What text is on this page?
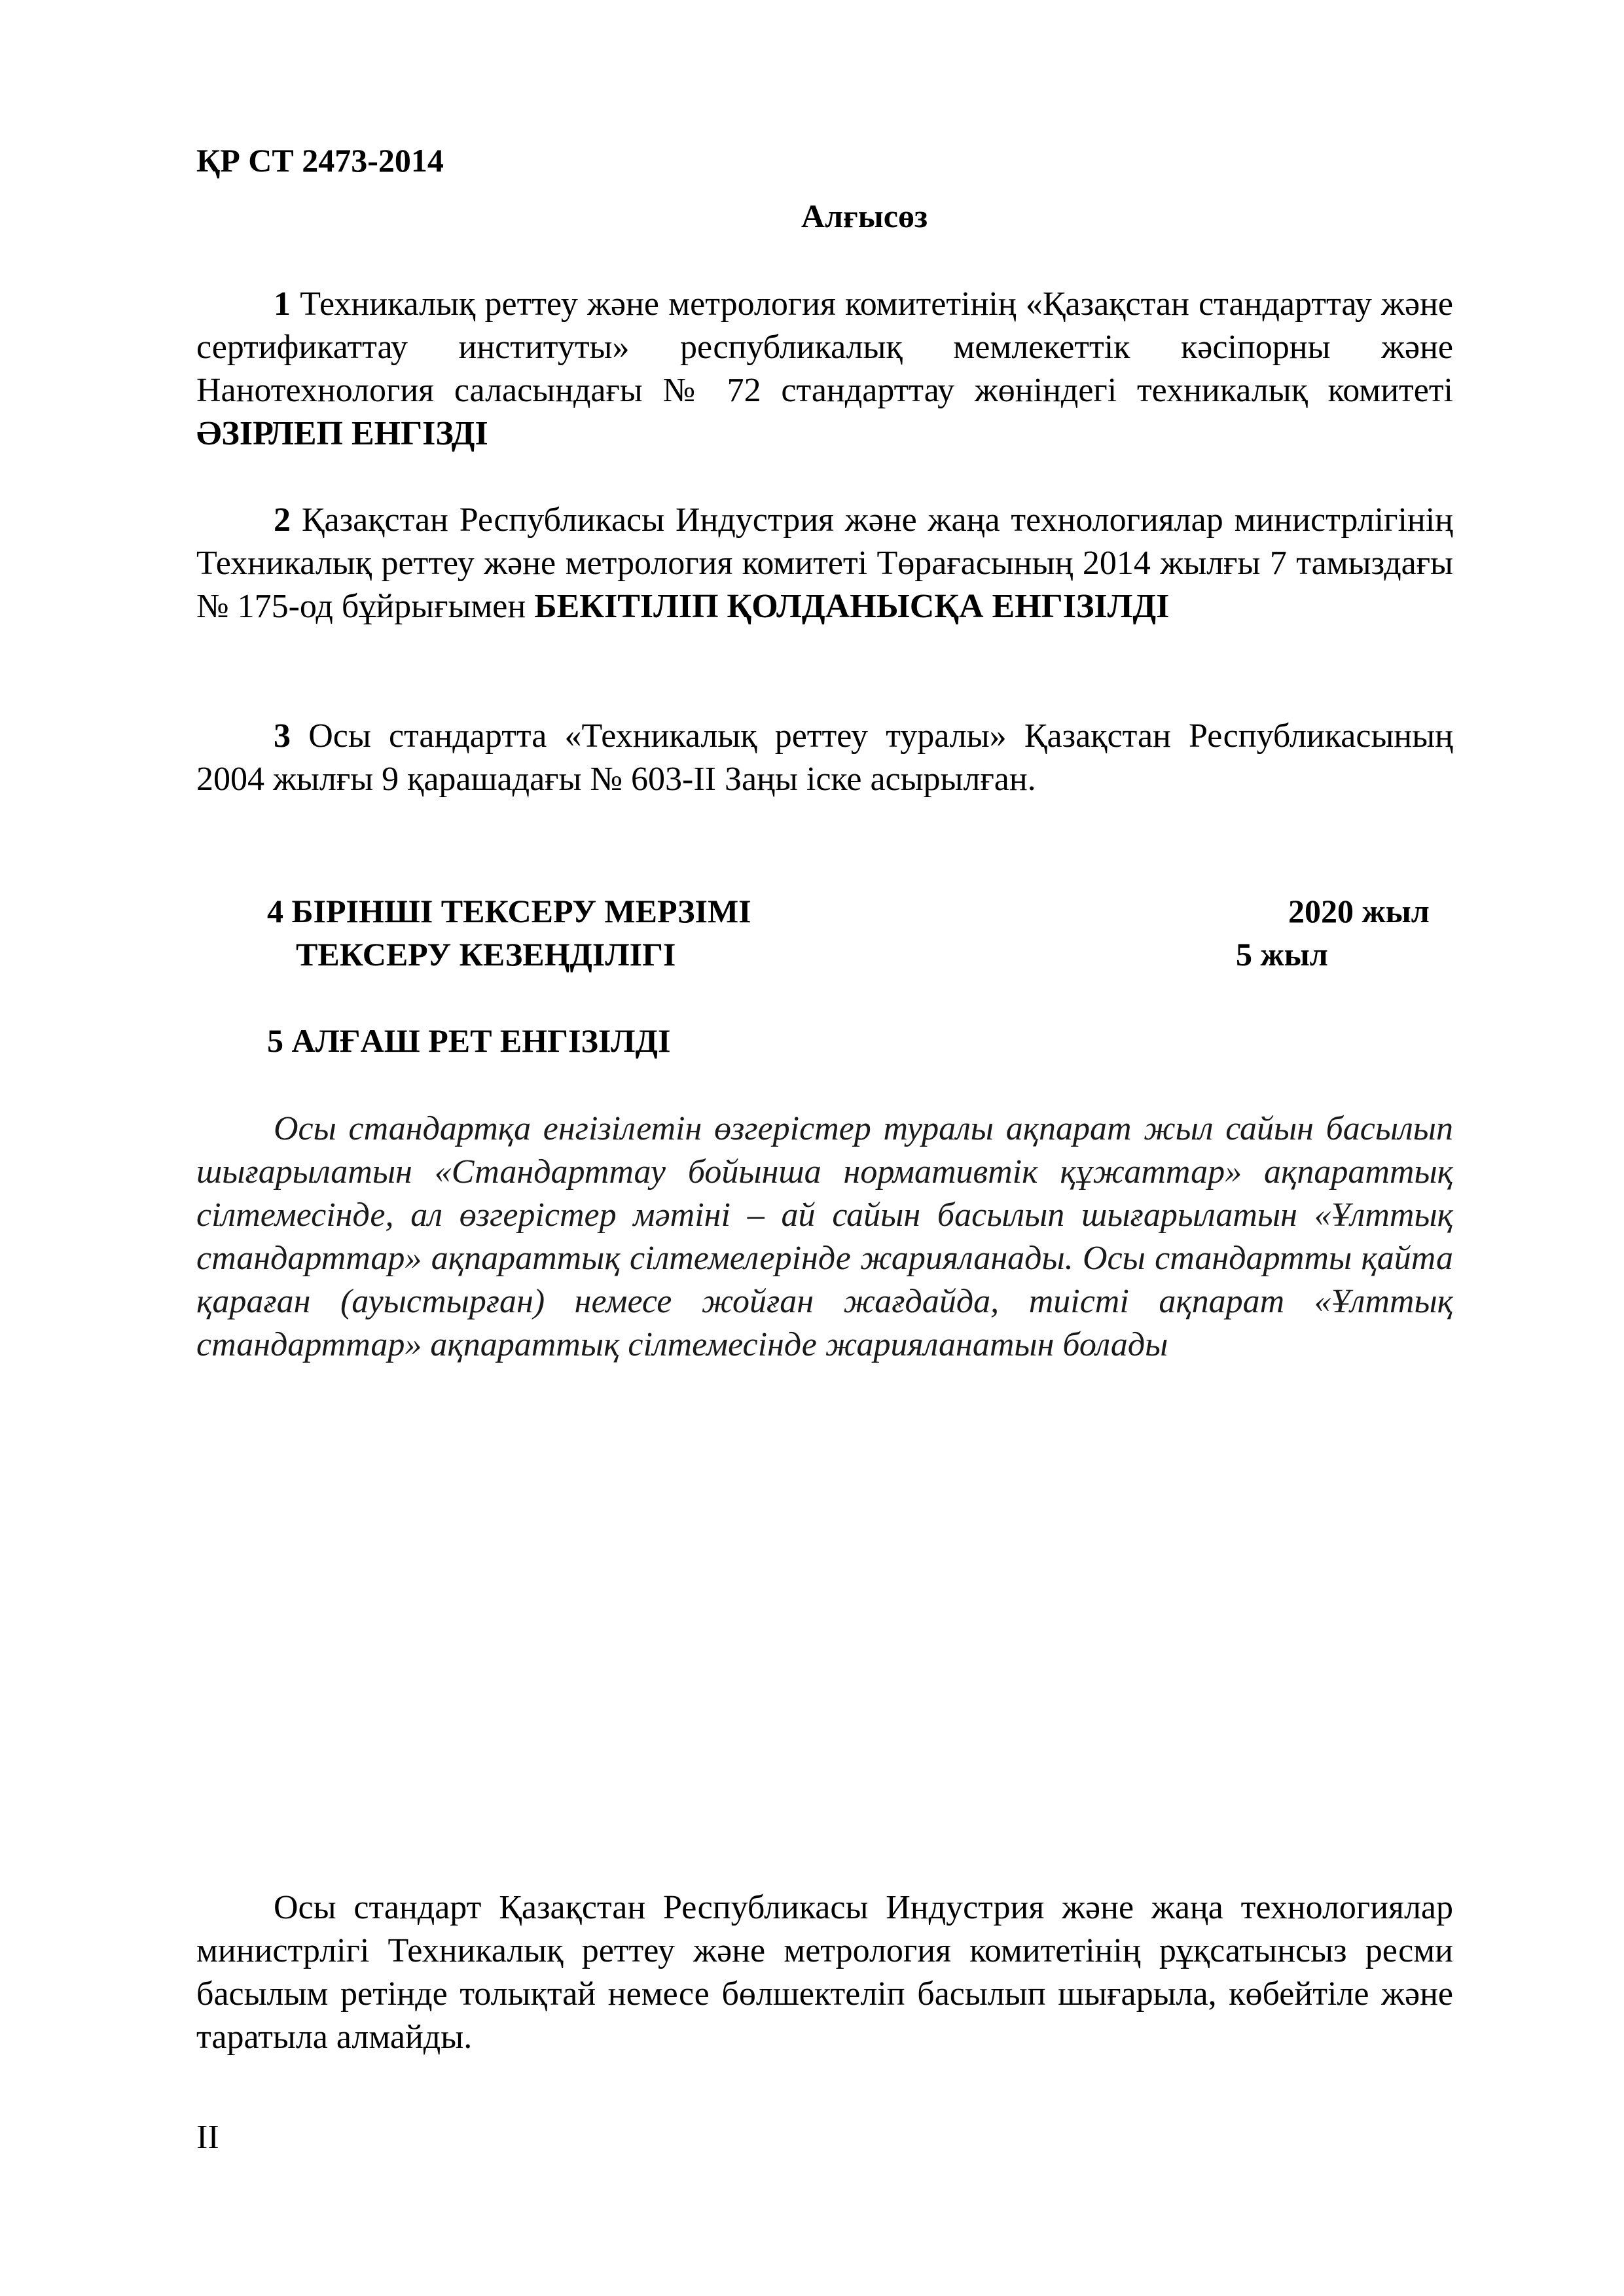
ҚР СТ 2473-2014
Алғысөз

1 Техникалық реттеу және метрология комитетінің «Қазақстан стандарттау және сертификаттау институты» республикалық мемлекеттік кәсіпорны және Нанотехнология саласындағы № 72 стандарттау жөніндегі техникалық комитеті ӘЗІРЛЕП ЕНГІЗДІ

2 Қазақстан Республикасы Индустрия және жаңа технологиялар министрлігінің Техникалық реттеу және метрология комитеті Төрағасының 2014 жылғы 7 тамыздағы № 175-од бұйрығымен БЕКІТІЛІП ҚОЛДАНЫСҚА ЕНГІЗІЛДІ

3 Осы стандартта «Техникалық реттеу туралы» Қазақстан Республикасының 2004 жылғы 9 қарашадағы № 603-ІІ Заңы іске асырылған.

4 БІРІНШІ ТЕКСЕРУ МЕРЗІМІ	2020 жыл
ТЕКСЕРУ КЕЗЕҢДІЛІГІ	5 жыл
5 АЛҒАШ РЕТ ЕНГІЗІЛДІ

Осы стандартқа енгізілетін өзгерістер туралы ақпарат жыл сайын басылып шығарылатын «Стандарттау бойынша нормативтік құжаттар» ақпараттық сілтемесінде, ал өзгерістер мәтіні – ай сайын басылып шығарылатын «Ұлттық стандарттар» ақпараттық сілтемелерінде жарияланады. Осы стандартты қайта қараған (ауыстырған) немесе жойған жағдайда, тиісті ақпарат «Ұлттық стандарттар» ақпараттық сілтемесінде жарияланатын болады

Осы стандарт Қазақстан Республикасы Индустрия және жаңа технологиялар министрлігі Техникалық реттеу және метрология комитетінің рұқсатынсыз ресми басылым ретінде толықтай немесе бөлшектеліп басылып шығарыла, көбейтіле және таратыла алмайды.

II
